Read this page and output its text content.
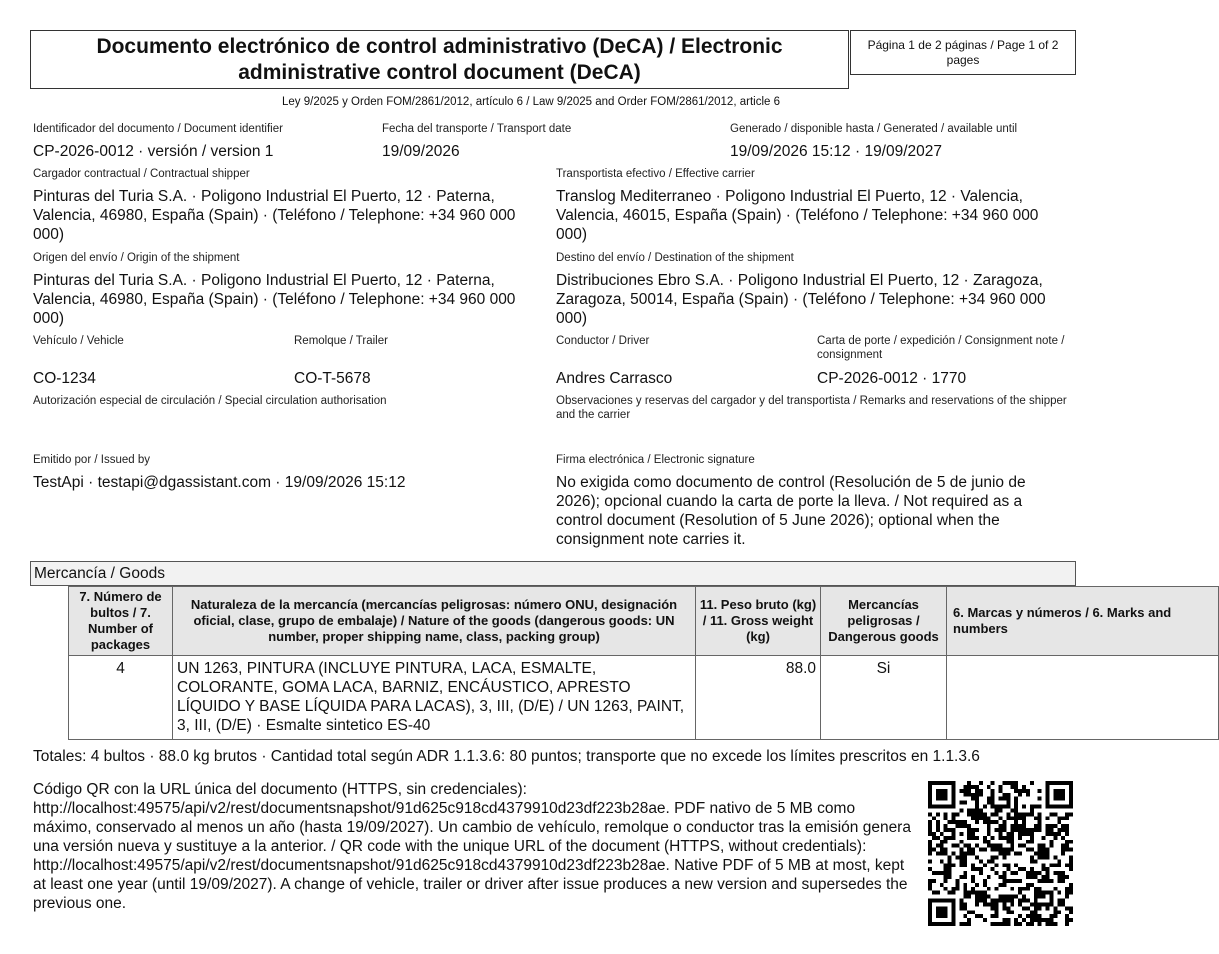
Documento electrónico de control administrativo (DeCA) / Electronic administrative control document (DeCA)
Página 1 de 2 páginas / Page 1 of 2 pages
Ley 9/2025 y Orden FOM/2861/2012, artículo 6 / Law 9/2025 and Order FOM/2861/2012, article 6
Identificador del documento / Document identifier
CP-2026-0012 · versión / version 1
Fecha del transporte / Transport date
19/09/2026
Generado / disponible hasta / Generated / available until
19/09/2026 15:12 · 19/09/2027
Cargador contractual / Contractual shipper
Pinturas del Turia S.A. · Poligono Industrial El Puerto, 12 · Paterna, Valencia, 46980, España (Spain) · (Teléfono / Telephone: +34 960 000 000)
Transportista efectivo / Effective carrier
Translog Mediterraneo · Poligono Industrial El Puerto, 12 · Valencia, Valencia, 46015, España (Spain) · (Teléfono / Telephone: +34 960 000 000)
Origen del envío / Origin of the shipment
Pinturas del Turia S.A. · Poligono Industrial El Puerto, 12 · Paterna, Valencia, 46980, España (Spain) · (Teléfono / Telephone: +34 960 000 000)
Destino del envío / Destination of the shipment
Distribuciones Ebro S.A. · Poligono Industrial El Puerto, 12 · Zaragoza, Zaragoza, 50014, España (Spain) · (Teléfono / Telephone: +34 960 000 000)
Vehículo / Vehicle
CO-1234
Remolque / Trailer
CO-T-5678
Conductor / Driver
Andres Carrasco
Carta de porte / expedición / Consignment note / consignment
CP-2026-0012 · 1770
Autorización especial de circulación / Special circulation authorisation	Observaciones y reservas del cargador y del transportista / Remarks and reservations of the shipper and the carrier
Emitido por / Issued by
TestApi · testapi@dgassistant.com · 19/09/2026 15:12
Firma electrónica / Electronic signature
No exigida como documento de control (Resolución de 5 de junio de 2026); opcional cuando la carta de porte la lleva. / Not required as a control document (Resolution of 5 June 2026); optional when the consignment note carries it.
Mercancía / Goods
7. Número de bultos / 7. Number of packages	Naturaleza de la mercancía (mercancías peligrosas: número ONU, designación oficial, clase, grupo de embalaje) / Nature of the goods (dangerous goods: UN number, proper shipping name, class, packing group)	11. Peso bruto (kg) / 11. Gross weight (kg)	Mercancías peligrosas / Dangerous goods	6. Marcas y números / 6. Marks and numbers
4	UN 1263, PINTURA (INCLUYE PINTURA, LACA, ESMALTE, COLORANTE, GOMA LACA, BARNIZ, ENCÁUSTICO, APRESTO LÍQUIDO Y BASE LÍQUIDA PARA LACAS), 3, III, (D/E) / UN 1263, PAINT, 3, III, (D/E) · Esmalte sintetico ES-40	88.0	Si	
Totales: 4 bultos · 88.0 kg brutos · Cantidad total según ADR 1.1.3.6: 80 puntos; transporte que no excede los límites prescritos en 1.1.3.6
Código QR con la URL única del documento (HTTPS, sin credenciales): http://localhost:49575/api/v2/rest/documentsnapshot/91d625c918cd4379910d23df223b28ae. PDF nativo de 5 MB como máximo, conservado al menos un año (hasta 19/09/2027). Un cambio de vehículo, remolque o conductor tras la emisión genera una versión nueva y sustituye a la anterior. / QR code with the unique URL of the document (HTTPS, without credentials): http://localhost:49575/api/v2/rest/documentsnapshot/91d625c918cd4379910d23df223b28ae. Native PDF of 5 MB at most, kept at least one year (until 19/09/2027). A change of vehicle, trailer or driver after issue produces a new version and supersedes the previous one.
